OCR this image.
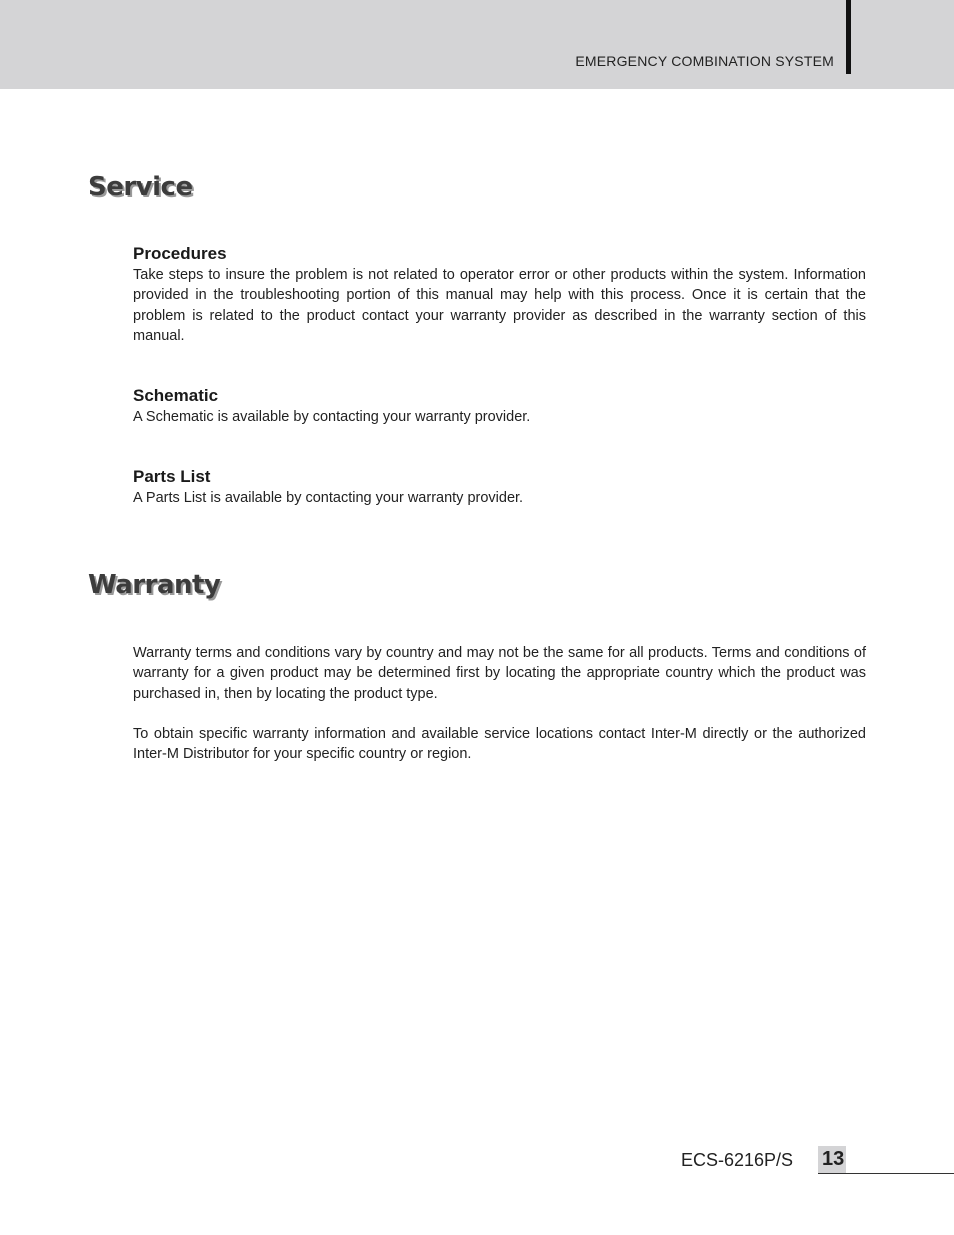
EMERGENCY COMBINATION SYSTEM
Service
Procedures
Take steps to insure the problem is not related to operator error or other products within the system. Information provided in the troubleshooting portion of this manual may help with this process. Once it is certain that the problem is related to the product contact your warranty provider as described in the warranty section of this manual.
Schematic
A Schematic is available by contacting your warranty provider.
Parts List
A Parts List is available by contacting your warranty provider.
Warranty
Warranty terms and conditions vary by country and may not be the same for all products. Terms and conditions of warranty for a given product may be determined first by locating the appropriate country which the product was purchased in, then by locating the product type.
To obtain specific warranty information and available service locations contact Inter-M directly or the authorized Inter-M Distributor for your specific country or region.
ECS-6216P/S 13
